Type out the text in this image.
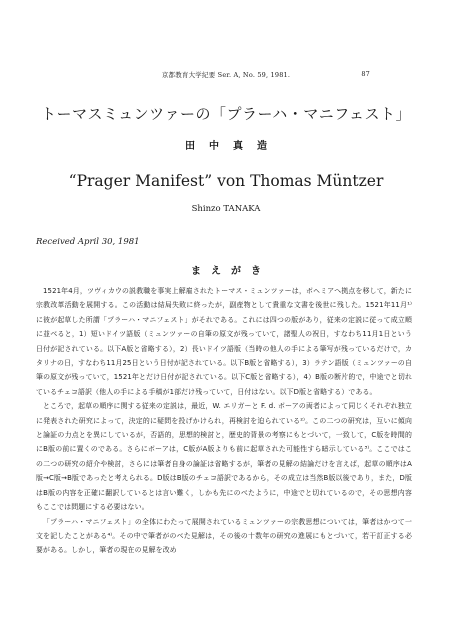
京都教育大学紀要 Ser. A, No. 59, 1981.	87
トーマスミュンツァーの「プラーハ・マニフェスト」
田中真造
“Prager Manifest” von Thomas Müntzer
Shinzo TANAKA
Received April 30, 1981
まえがき

1521年4月，ツヴィカウの説教職を事実上解雇されたトーマス・ミュンツァーは，ボヘミアへ拠点を移して，新たに宗教改革活動を展開する。この活動は結局失敗に終ったが，副産物として貴重な文書を後世に残した。1521年11月¹⁾に彼が起草した所謂「プラーハ・マニフェスト」がそれである。これには四つの版があり，従来の定説に従って成立順に並べると，1）短いドイツ語版（ミュンツァーの自筆の原文が残っていて，諸聖人の祝日，すなわち11月1日という日付が記されている。以下A版と省略する），2）長いドイツ語版（当時の他人の手による筆写が残っているだけで，カタリナの日，すなわち11月25日という日付が記されている。以下B版と省略する），3）ラテン語版（ミュンツァーの自筆の原文が残っていて，1521年とだけ日付が記されている。以下C版と省略する），4）B版の断片的で，中途でと切れているチェコ語訳（他人の手による手稿が1部だけ残っていて，日付はない。以下D版と省略する）である。

ところで，起草の順序に関する従来の定説は，最近，W. エリガーと F. d. ボーアの両者によって同じくそれぞれ独立に発表された研究によって，決定的に疑問を投げかけられ，再検討を迫られている²⁾。この二つの研究は，互いに傾向と論証の力点とを異にしているが，否語的，思想的検討と，歴史的背景の考察にもとづいて，一致して，C版を時間的にB版の前に置くのである。さらにボーアは，C版がA版よりも前に起草された可能性すら暗示している³⁾。ここではこの二つの研究の紹介や検討，さらには筆者自身の論証は省略するが，筆者の見解の結論だけを言えば，起草の順序はA版→C版→B版であったと考えられる。D版はB版のチェコ語訳であるから，その成立は当然B版以後であり，また，D版はB版の内容を正確に翻訳しているとは言い難く，しかも先にのべたように，中途でと切れているので，その思想内容もここでは問題にする必要はない。

「プラーハ・マニフェスト」の全体にわたって展開されているミュンツァーの宗教思想については，筆者はかつて一文を記したことがある⁴⁾。その中で筆者がのべた見解は，その後の十数年の研究の進展にもとづいて，若干訂正する必要がある。しかし，筆者の現在の見解を改め
